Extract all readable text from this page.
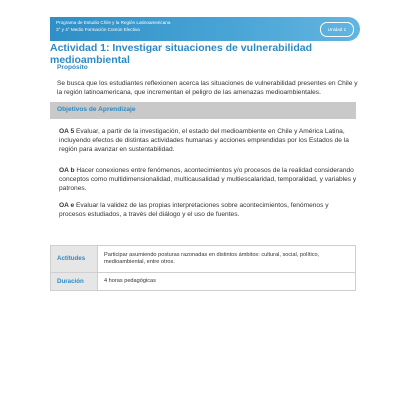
Programa de Estudio Chile y la Región Latinoamericana
3° y 4° Medio Formación Común Electiva	Unidad 1
Actividad 1: Investigar situaciones de vulnerabilidad medioambiental
Propósito
Se busca que los estudiantes reflexionen acerca las situaciones de vulnerabilidad presentes en Chile y la región latinoamericana, que incrementan el peligro de las amenazas medioambientales.
Objetivos de Aprendizaje
OA 5 Evaluar, a partir de la investigación, el estado del medioambiente en Chile y América Latina, incluyendo efectos de distintas actividades humanas y acciones emprendidas por los Estados de la región para avanzar en sustentabilidad.
OA b Hacer conexiones entre fenómenos, acontecimientos y/o procesos de la realidad considerando conceptos como multidimensionalidad, multicausalidad y multiescalaridad, temporalidad, y variables y patrones.
OA e Evaluar la validez de las propias interpretaciones sobre acontecimientos, fenómenos y procesos estudiados, a través del diálogo y el uso de fuentes.
Actitudes	Participar asumiendo posturas razonadas en distintos ámbitos: cultural, social, político, medioambiental, entre otros.
Duración	4 horas pedagógicas
